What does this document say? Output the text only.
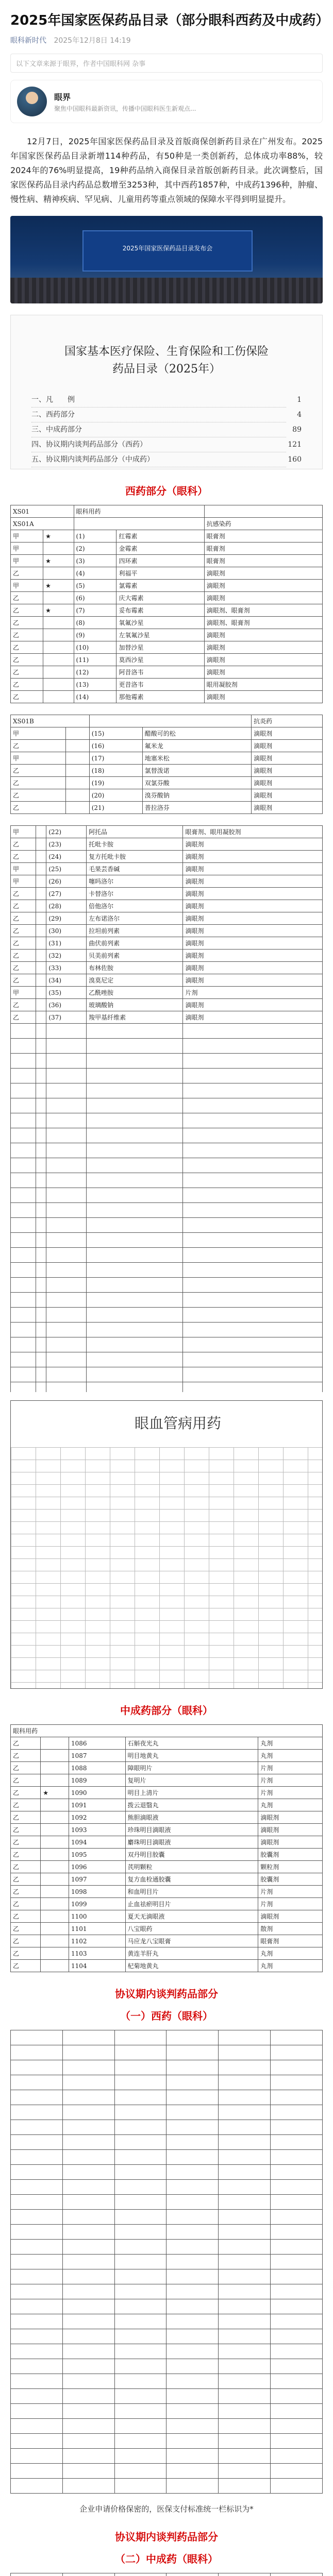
2025年国家医保药品目录（部分眼科西药及中成药）
眼科新时代 2025年12月8日 14:19
以下文章来源于眼界，作者中国眼科网 杂事
眼界
聚焦中国眼科最新资讯，传播中国眼科医生新观点...

12月7日，2025年国家医保药品目录及首版商保创新药目录在广州发布。2025年国家医保药品目录新增114种药品，有50种是一类创新药，总体成功率88%，较2024年的76%明显提高，19种药品纳入商保目录首版创新药目录。此次调整后，国家医保药品目录内药品总数增至3253种，其中西药1857种，中成药1396种，肿瘤、慢性病、精神疾病、罕见病、儿童用药等重点领域的保障水平得到明显提升。

2025年国家医保药品目录发布会
国家基本医疗保险、生育保险和工伤保险
药品目录（2025年）
一、凡　　例	1
二、西药部分	4
三、中成药部分	89
四、协议期内谈判药品部分（西药）	121
五、协议期内谈判药品部分（中成药）	160
西药部分（眼科）
XS01		眼科用药		
XS01A				抗感染药
甲	★	(1)	红霉素	眼膏剂
甲		(2)	金霉素	眼膏剂
甲	★	(3)	四环素	眼膏剂
乙		(4)	利福平	滴眼剂
甲	★	(5)	氯霉素	滴眼剂
乙		(6)	庆大霉素	滴眼剂
乙	★	(7)	妥布霉素	滴眼剂、眼膏剂
乙		(8)	氧氟沙星	滴眼剂、眼膏剂
乙		(9)	左氧氟沙星	滴眼剂
乙		(10)	加替沙星	滴眼剂
乙		(11)	莫西沙星	滴眼剂
乙		(12)	阿昔洛韦	滴眼剂
乙		(13)	更昔洛韦	眼用凝胶剂
乙		(14)	那他霉素	滴眼剂
XS01B				抗炎药
甲		(15)	醋酸可的松	滴眼剂
乙		(16)	氟米龙	滴眼剂
甲		(17)	地塞米松	滴眼剂
乙		(18)	氯替泼诺	滴眼剂
乙		(19)	双氯芬酸	滴眼剂
乙		(20)	溴芬酸钠	滴眼剂
乙		(21)	普拉洛芬	滴眼剂
甲		(22)	阿托品	眼膏剂、眼用凝胶剂
乙		(23)	托吡卡胺	滴眼剂
乙		(24)	复方托吡卡胺	滴眼剂
甲		(25)	毛果芸香碱	滴眼剂
甲		(26)	噻吗洛尔	滴眼剂
乙		(27)	卡替洛尔	滴眼剂
乙		(28)	倍他洛尔	滴眼剂
乙		(29)	左布诺洛尔	滴眼剂
乙		(30)	拉坦前列素	滴眼剂
乙		(31)	曲伏前列素	滴眼剂
乙		(32)	贝美前列素	滴眼剂
乙		(33)	布林佐胺	滴眼剂
乙		(34)	溴莫尼定	滴眼剂
甲		(35)	乙酰唑胺	片剂
乙		(36)	玻璃酸钠	滴眼剂
乙		(37)	羧甲基纤维素	滴眼剂

眼血管病用药
中成药部分（眼科）
眼科用药				
乙		1086	石斛夜光丸	丸剂
乙		1087	明目地黄丸	丸剂
乙		1088	障眼明片	片剂
乙		1089	复明片	片剂
乙	★	1090	明目上清片	片剂
乙		1091	拨云退翳丸	丸剂
乙		1092	熊胆滴眼液	滴眼剂
乙		1093	珍珠明目滴眼液	滴眼剂
乙		1094	麝珠明目滴眼液	滴眼剂
乙		1095	双丹明目胶囊	胶囊剂
乙		1096	芪明颗粒	颗粒剂
乙		1097	复方血栓通胶囊	胶囊剂
乙		1098	和血明目片	片剂
乙		1099	止血祛瘀明目片	片剂
乙		1100	夏天无滴眼液	滴眼剂
乙		1101	八宝眼药	散剂
乙		1102	马应龙八宝眼膏	眼膏剂
乙		1103	黄连羊肝丸	丸剂
乙		1104	杞菊地黄丸	丸剂
协议期内谈判药品部分
（一）西药（眼科）

企业申请价格保密的，医保支付标准统一栏标识为*
协议期内谈判药品部分
（二）中成药（眼科）
